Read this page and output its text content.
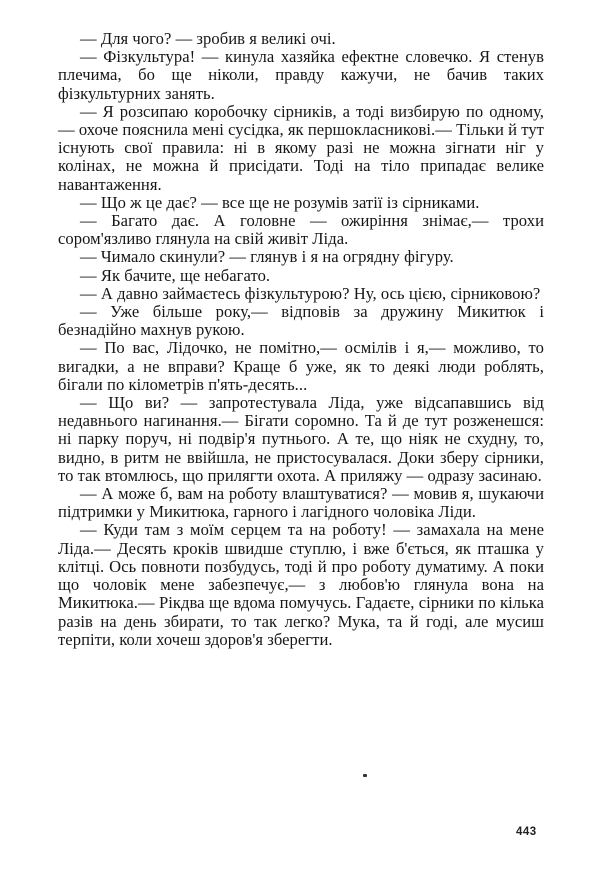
— Для чого? — зробив я великі очі.

— Фізкультура! — кинула хазяйка ефектне словечко. Я стенув плечима, бо ще ніколи, правду кажучи, не бачив таких фізкультурних занять.

— Я розсипаю коробочку сірників, а тоді визбирую по одному,— охоче пояснила мені сусідка, як першокласникові.— Тільки й тут існують свої правила: ні в якому разі не можна зігнати ніг у колінах, не можна й присідати. Тоді на тіло припадає велике навантаження.

— Що ж це дає? — все ще не розумів затії із сірниками.

— Багато дає. А головне — ожиріння знімає,— трохи сором'язливо глянула на свій живіт Ліда.

— Чимало скинули? — глянув і я на огрядну фігуру.

— Як бачите, ще небагато.

— А давно займаєтесь фізкультурою? Ну, ось цією, сірниковою?

— Уже більше року,— відповів за дружину Микитюк і безнадійно махнув рукою.

— По вас, Лідочко, не помітно,— осмілів і я,— можливо, то вигадки, а не вправи? Краще б уже, як то деякі люди роблять, бігали по кілометрів п'ять-десять...

— Що ви? — запротестувала Ліда, уже відсапавшись від недавнього нагинання.— Бігати соромно. Та й де тут розженешся: ні парку поруч, ні подвір'я путнього. А те, що ніяк не схудну, то, видно, в ритм не ввійшла, не пристосувалася. Доки зберу сірники, то так втомлюсь, що прилягти охота. А приляжу — одразу засинаю.

— А може б, вам на роботу влаштуватися? — мовив я, шукаючи підтримки у Микитюка, гарного і лагідного чоловіка Ліди.

— Куди там з моїм серцем та на роботу! — замахала на мене Ліда.— Десять кроків швидше ступлю, і вже б'ється, як пташка у клітці. Ось повноти позбудусь, тоді й про роботу думатиму. А поки що чоловік мене забезпечує,— з любов'ю глянула вона на Микитюка.— Рікдва ще вдома помучусь. Гадаєте, сірники по кілька разів на день збирати, то так легко? Мука, та й годі, але мусиш терпіти, коли хочеш здоров'я зберегти.

443
